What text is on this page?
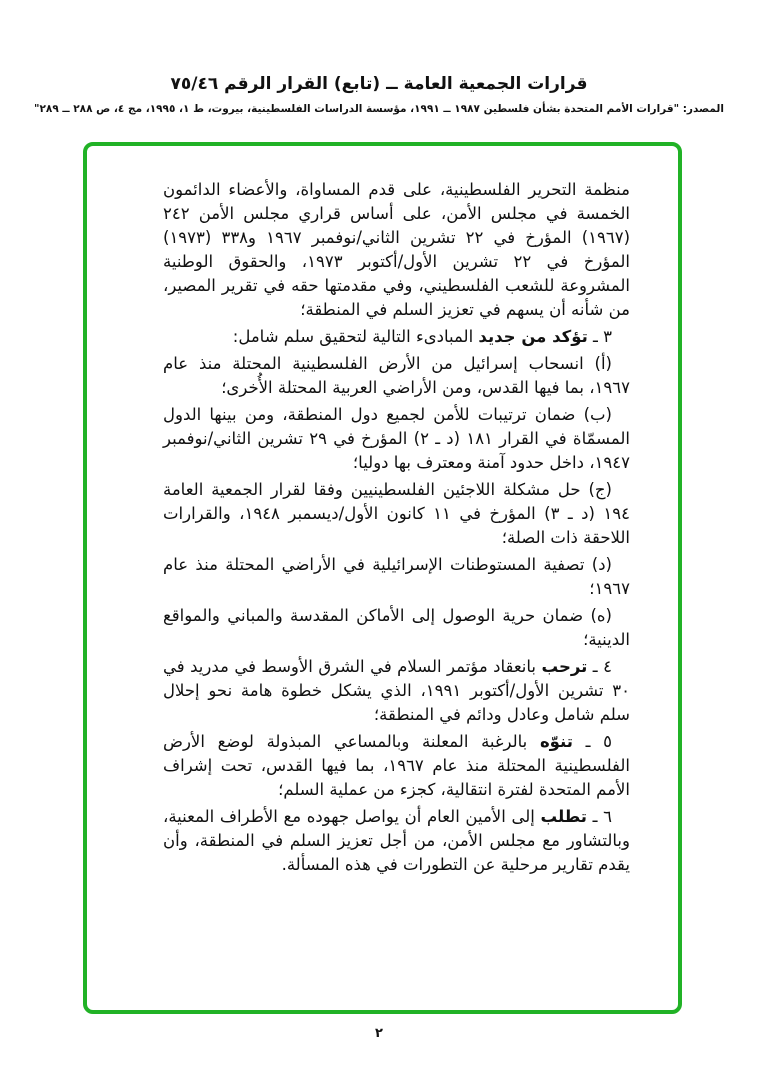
قرارات الجمعية العامة ــ (تابع) القرار الرقم ٧٥/٤٦
المصدر: "قرارات الأمم المتحدة بشأن فلسطين ١٩٨٧ ــ ١٩٩١، مؤسسة الدراسات الفلسطينية، بيروت، ط ١، ١٩٩٥، مج ٤، ص ٢٨٨ ــ ٢٨٩"

منظمة التحرير الفلسطينية، على قدم المساواة، والأعضاء الدائمون الخمسة في مجلس الأمن، على أساس قراري مجلس الأمن ٢٤٢ (١٩٦٧) المؤرخ في ٢٢ تشرين الثاني/نوفمبر ١٩٦٧ و٣٣٨ (١٩٧٣) المؤرخ في ٢٢ تشرين الأول/أكتوبر ١٩٧٣، والحقوق الوطنية المشروعة للشعب الفلسطيني، وفي مقدمتها حقه في تقرير المصير، من شأنه أن يسهم في تعزيز السلم في المنطقة؛

٣ ـ تؤكد من جديد المبادىء التالية لتحقيق سلم شامل:

(أ) انسحاب إسرائيل من الأرض الفلسطينية المحتلة منذ عام ١٩٦٧، بما فيها القدس، ومن الأراضي العربية المحتلة الأُخرى؛

(ب) ضمان ترتيبات للأمن لجميع دول المنطقة، ومن بينها الدول المسمّاة في القرار ١٨١ (د ـ ٢) المؤرخ في ٢٩ تشرين الثاني/نوفمبر ١٩٤٧، داخل حدود آمنة ومعترف بها دوليا؛

(ج) حل مشكلة اللاجئين الفلسطينيين وفقا لقرار الجمعية العامة ١٩٤ (د ـ ٣) المؤرخ في ١١ كانون الأول/ديسمبر ١٩٤٨، والقرارات اللاحقة ذات الصلة؛

(د) تصفية المستوطنات الإسرائيلية في الأراضي المحتلة منذ عام ١٩٦٧؛

(ه) ضمان حرية الوصول إلى الأماكن المقدسة والمباني والمواقع الدينية؛

٤ ـ ترحب بانعقاد مؤتمر السلام في الشرق الأوسط في مدريد في ٣٠ تشرين الأول/أكتوبر ١٩٩١، الذي يشكل خطوة هامة نحو إحلال سلم شامل وعادل ودائم في المنطقة؛

٥ ـ تنوّه بالرغبة المعلنة وبالمساعي المبذولة لوضع الأرض الفلسطينية المحتلة منذ عام ١٩٦٧، بما فيها القدس، تحت إشراف الأمم المتحدة لفترة انتقالية، كجزء من عملية السلم؛

٦ ـ تطلب إلى الأمين العام أن يواصل جهوده مع الأطراف المعنية، وبالتشاور مع مجلس الأمن، من أجل تعزيز السلم في المنطقة، وأن يقدم تقارير مرحلية عن التطورات في هذه المسألة.

٢
